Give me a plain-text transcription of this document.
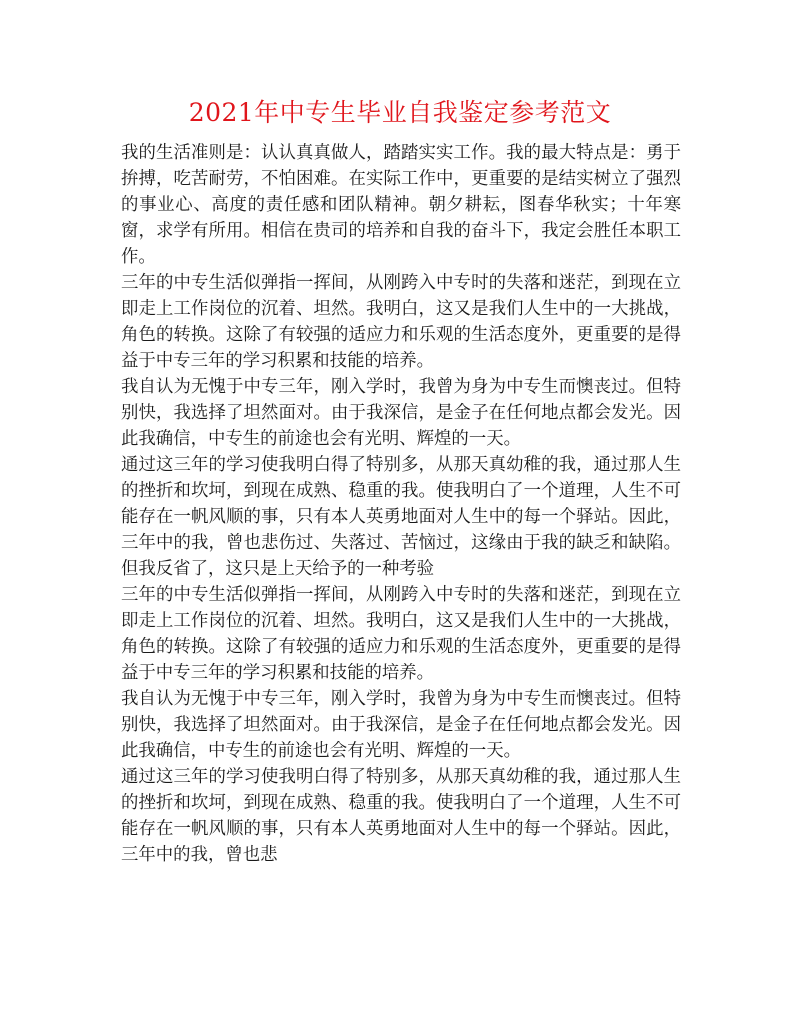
2021年中专生毕业自我鉴定参考范文

我的生活准则是：认认真真做人，踏踏实实工作。我的最大特点是：勇于拚搏，吃苦耐劳，不怕困难。在实际工作中，更重要的是结实树立了强烈的事业心、高度的责任感和团队精神。朝夕耕耘，图春华秋实；十年寒窗，求学有所用。相信在贵司的培养和自我的奋斗下，我定会胜任本职工作。

三年的中专生活似弹指一挥间，从刚跨入中专时的失落和迷茫，到现在立即走上工作岗位的沉着、坦然。我明白，这又是我们人生中的一大挑战，角色的转换。这除了有较强的适应力和乐观的生活态度外，更重要的是得益于中专三年的学习积累和技能的培养。

我自认为无愧于中专三年，刚入学时，我曾为身为中专生而懊丧过。但特别快，我选择了坦然面对。由于我深信，是金子在任何地点都会发光。因此我确信，中专生的前途也会有光明、辉煌的一天。

通过这三年的学习使我明白得了特别多，从那天真幼稚的我，通过那人生的挫折和坎坷，到现在成熟、稳重的我。使我明白了一个道理，人生不可能存在一帆风顺的事，只有本人英勇地面对人生中的每一个驿站。因此，三年中的我，曾也悲伤过、失落过、苦恼过，这缘由于我的缺乏和缺陷。但我反省了，这只是上天给予的一种考验

三年的中专生活似弹指一挥间，从刚跨入中专时的失落和迷茫，到现在立即走上工作岗位的沉着、坦然。我明白，这又是我们人生中的一大挑战，角色的转换。这除了有较强的适应力和乐观的生活态度外，更重要的是得益于中专三年的学习积累和技能的培养。

我自认为无愧于中专三年，刚入学时，我曾为身为中专生而懊丧过。但特别快，我选择了坦然面对。由于我深信，是金子在任何地点都会发光。因此我确信，中专生的前途也会有光明、辉煌的一天。

通过这三年的学习使我明白得了特别多，从那天真幼稚的我，通过那人生的挫折和坎坷，到现在成熟、稳重的我。使我明白了一个道理，人生不可能存在一帆风顺的事，只有本人英勇地面对人生中的每一个驿站。因此，三年中的我，曾也悲
